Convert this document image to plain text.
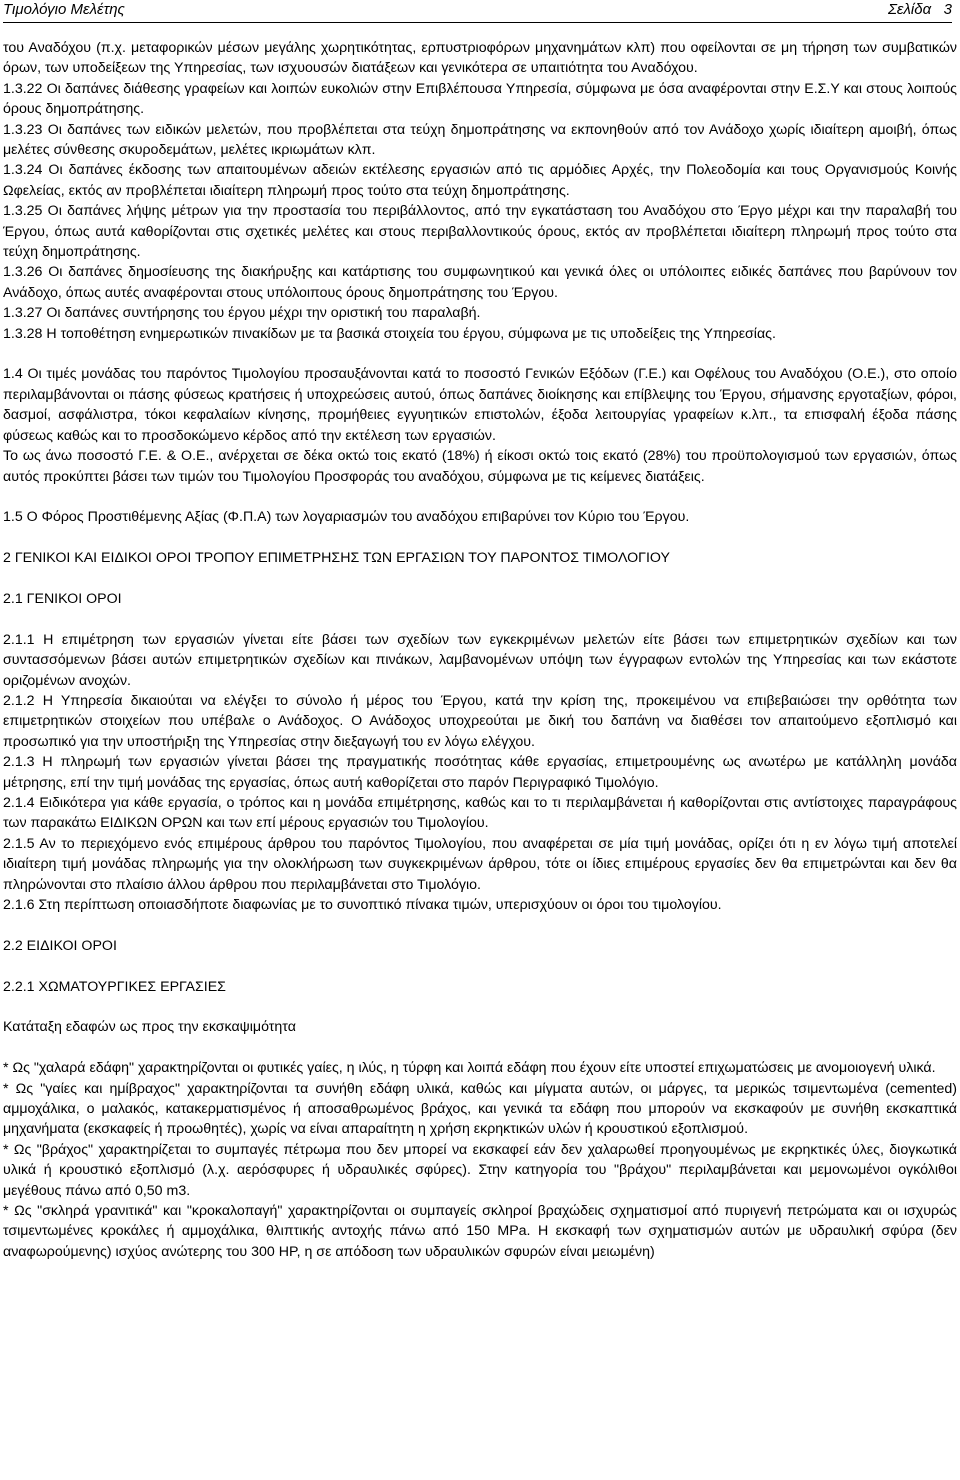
Τιμολόγιο Μελέτης	Σελίδα 3

του Αναδόχου (π.χ. μεταφορικών μέσων μεγάλης χωρητικότητας, ερπυστριοφόρων μηχανημάτων κλπ) που οφείλονται σε μη τήρηση των συμβατικών όρων, των υποδείξεων της Υπηρεσίας, των ισχυουσών διατάξεων και γενικότερα σε υπαιτιότητα του Αναδόχου.

1.3.22 Οι δαπάνες διάθεσης γραφείων και λοιπών ευκολιών στην Επιβλέπουσα Υπηρεσία, σύμφωνα με όσα αναφέρονται στην Ε.Σ.Υ και στους λοιπούς όρους δημοπράτησης.

1.3.23 Οι δαπάνες των ειδικών μελετών, που προβλέπεται στα τεύχη δημοπράτησης να εκπονηθούν από τον Ανάδοχο χωρίς ιδιαίτερη αμοιβή, όπως μελέτες σύνθεσης σκυροδεμάτων, μελέτες ικριωμάτων κλπ.

1.3.24 Οι δαπάνες έκδοσης των απαιτουμένων αδειών εκτέλεσης εργασιών από τις αρμόδιες Αρχές, την Πολεοδομία και τους Οργανισμούς Κοινής Ωφελείας, εκτός αν προβλέπεται ιδιαίτερη πληρωμή προς τούτο στα τεύχη δημοπράτησης.

1.3.25 Οι δαπάνες λήψης μέτρων για την προστασία του περιβάλλοντος, από την εγκατάσταση του Αναδόχου στο Έργο μέχρι και την παραλαβή του Έργου, όπως αυτά καθορίζονται στις σχετικές μελέτες και στους περιβαλλοντικούς όρους, εκτός αν προβλέπεται ιδιαίτερη πληρωμή προς τούτο στα τεύχη δημοπράτησης.

1.3.26 Οι δαπάνες δημοσίευσης της διακήρυξης και κατάρτισης του συμφωνητικού και γενικά όλες οι υπόλοιπες ειδικές δαπάνες που βαρύνουν τον Ανάδοχο, όπως αυτές αναφέρονται στους υπόλοιπους όρους δημοπράτησης του Έργου.

1.3.27 Οι δαπάνες συντήρησης του έργου μέχρι την οριστική του παραλαβή.

1.3.28 Η τοποθέτηση ενημερωτικών πινακίδων με τα βασικά στοιχεία του έργου, σύμφωνα με τις υποδείξεις της Υπηρεσίας.

1.4 Οι τιμές μονάδας του παρόντος Τιμολογίου προσαυξάνονται κατά το ποσοστό Γενικών Εξόδων (Γ.Ε.) και Οφέλους του Αναδόχου (Ο.Ε.), στο οποίο περιλαμβάνονται οι πάσης φύσεως κρατήσεις ή υποχρεώσεις αυτού, όπως δαπάνες διοίκησης και επίβλεψης του Έργου, σήμανσης εργοταξίων, φόροι, δασμοί, ασφάλιστρα, τόκοι κεφαλαίων κίνησης, προμήθειες εγγυητικών επιστολών, έξοδα λειτουργίας γραφείων κ.λπ., τα επισφαλή έξοδα πάσης φύσεως καθώς και το προσδοκώμενο κέρδος από την εκτέλεση των εργασιών.

Το ως άνω ποσοστό Γ.Ε. & Ο.Ε., ανέρχεται σε δέκα οκτώ τοις εκατό (18%) ή είκοσι οκτώ τοις εκατό (28%) του προϋπολογισμού των εργασιών, όπως αυτός προκύπτει βάσει των τιμών του Τιμολογίου Προσφοράς του αναδόχου, σύμφωνα με τις κείμενες διατάξεις.

1.5 Ο Φόρος Προστιθέμενης Αξίας (Φ.Π.Α) των λογαριασμών του αναδόχου επιβαρύνει τον Κύριο του Έργου.

2 ΓΕΝΙΚΟΙ ΚΑΙ ΕΙΔΙΚΟΙ ΟΡΟΙ ΤΡΟΠΟΥ ΕΠΙΜΕΤΡΗΣΗΣ ΤΩΝ ΕΡΓΑΣΙΩΝ ΤΟΥ ΠΑΡΟΝΤΟΣ ΤΙΜΟΛΟΓΙΟΥ

2.1 ΓΕΝΙΚΟΙ ΟΡΟΙ

2.1.1 Η επιμέτρηση των εργασιών γίνεται είτε βάσει των σχεδίων των εγκεκριμένων μελετών είτε βάσει των επιμετρητικών σχεδίων και των συντασσόμενων βάσει αυτών επιμετρητικών σχεδίων και πινάκων, λαμβανομένων υπόψη των έγγραφων εντολών της Υπηρεσίας και των εκάστοτε οριζομένων ανοχών.

2.1.2 Η Υπηρεσία δικαιούται να ελέγξει το σύνολο ή μέρος του Έργου, κατά την κρίση της, προκειμένου να επιβεβαιώσει την ορθότητα των επιμετρητικών στοιχείων που υπέβαλε ο Ανάδοχος. Ο Ανάδοχος υποχρεούται με δική του δαπάνη να διαθέσει τον απαιτούμενο εξοπλισμό και προσωπικό για την υποστήριξη της Υπηρεσίας στην διεξαγωγή του εν λόγω ελέγχου.

2.1.3 Η πληρωμή των εργασιών γίνεται βάσει της πραγματικής ποσότητας κάθε εργασίας, επιμετρουμένης ως ανωτέρω με κατάλληλη μονάδα μέτρησης, επί την τιμή μονάδας της εργασίας, όπως αυτή καθορίζεται στο παρόν Περιγραφικό Τιμολόγιο.

2.1.4 Ειδικότερα για κάθε εργασία, ο τρόπος και η μονάδα επιμέτρησης, καθώς και το τι περιλαμβάνεται ή καθορίζονται στις αντίστοιχες παραγράφους των παρακάτω ΕΙΔΙΚΩΝ ΟΡΩΝ και των επί μέρους εργασιών του Τιμολογίου.

2.1.5 Αν το περιεχόμενο ενός επιμέρους άρθρου του παρόντος Τιμολογίου, που αναφέρεται σε μία τιμή μονάδας, ορίζει ότι η εν λόγω τιμή αποτελεί ιδιαίτερη τιμή μονάδας πληρωμής για την ολοκλήρωση των συγκεκριμένων άρθρου, τότε οι ίδιες επιμέρους εργασίες δεν θα επιμετρώνται και δεν θα πληρώνονται στο πλαίσιο άλλου άρθρου που περιλαμβάνεται στο Τιμολόγιο.

2.1.6 Στη περίπτωση οποιασδήποτε διαφωνίας με το συνοπτικό πίνακα τιμών, υπερισχύουν οι όροι του τιμολογίου.

2.2 ΕΙΔΙΚΟΙ ΟΡΟΙ

2.2.1 ΧΩΜΑΤΟΥΡΓΙΚΕΣ ΕΡΓΑΣΙΕΣ

Κατάταξη εδαφών ως προς την εκσκαψιμότητα

* Ως "χαλαρά εδάφη" χαρακτηρίζονται οι φυτικές γαίες, η ιλύς, η τύρφη και λοιπά εδάφη που έχουν είτε υποστεί επιχωματώσεις με ανομοιογενή υλικά.

* Ως "γαίες και ημίβραχος" χαρακτηρίζονται τα συνήθη εδάφη υλικά, καθώς και μίγματα αυτών, οι μάργες, τα μερικώς τσιμεντωμένα (cemented) αμμοχάλικα, ο μαλακός, κατακερματισμένος ή αποσαθρωμένος βράχος, και γενικά τα εδάφη που μπορούν να εκσκαφούν με συνήθη εκσκαπτικά μηχανήματα (εκσκαφείς ή προωθητές), χωρίς να είναι απαραίτητη η χρήση εκρηκτικών υλών ή κρουστικού εξοπλισμού.

* Ως "βράχος" χαρακτηρίζεται το συμπαγές πέτρωμα που δεν μπορεί να εκσκαφεί εάν δεν χαλαρωθεί προηγουμένως με εκρηκτικές ύλες, διογκωτικά υλικά ή κρουστικό εξοπλισμό (λ.χ. αερόσφυρες ή υδραυλικές σφύρες). Στην κατηγορία του "βράχου" περιλαμβάνεται και μεμονωμένοι ογκόλιθοι μεγέθους πάνω από 0,50 m3.

* Ως "σκληρά γρανιτικά" και "κροκαλοπαγή" χαρακτηρίζονται οι συμπαγείς σκληροί βραχώδεις σχηματισμοί από πυριγενή πετρώματα και οι ισχυρώς τσιμεντωμένες κροκάλες ή αμμοχάλικα, θλιπτικής αντοχής πάνω από 150 MPa. Η εκσκαφή των σχηματισμών αυτών με υδραυλική σφύρα (δεν αναφωρούμενης) ισχύος ανώτερης του 300 HP, η σε απόδοση των υδραυλικών σφυρών είναι μειωμένη)
